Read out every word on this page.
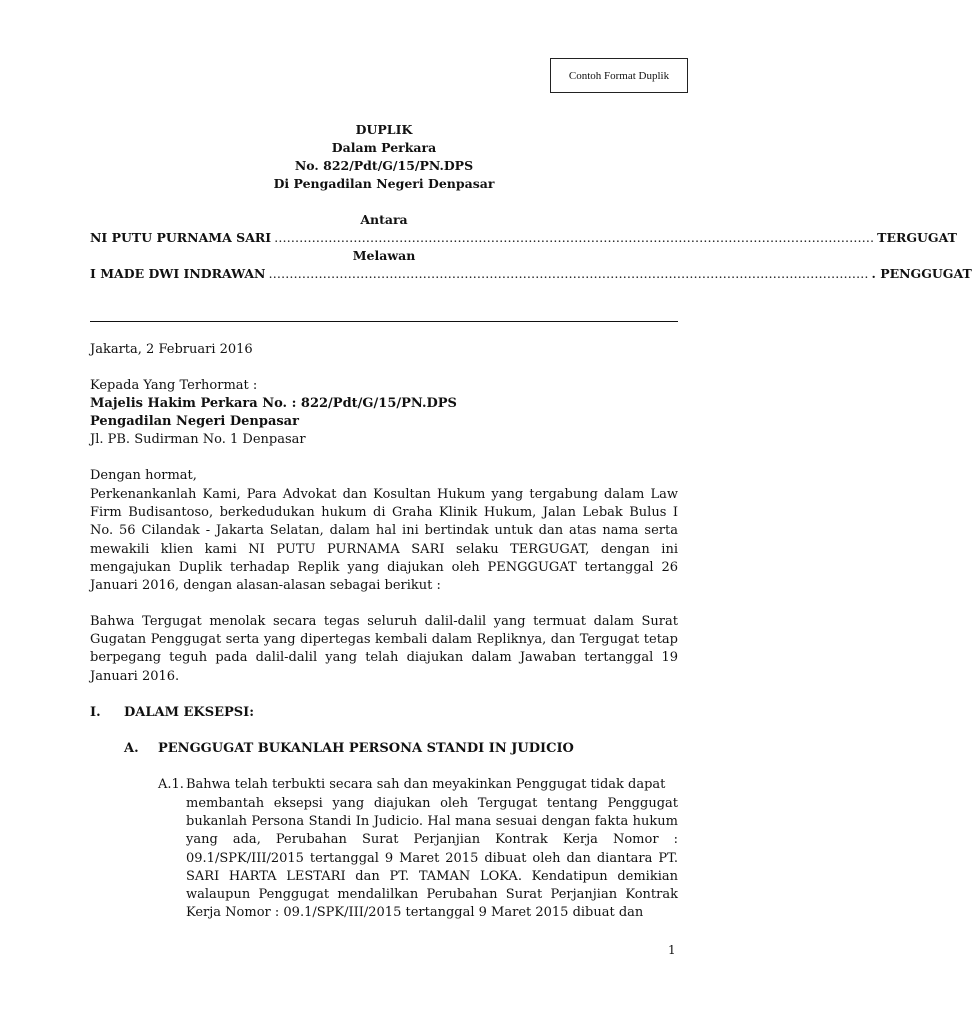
Contoh Format Duplik
DUPLIK
Dalam Perkara
No. 822/Pdt/G/15/PN.DPS
Di Pengadilan Negeri Denpasar
Antara
NI PUTU PURNAMA SARI ……………………………………………………………………………………………………………………………… TERGUGAT
Melawan
I MADE DWI INDRAWAN ……………………………………………………………………………………………………………………………… . PENGGUGAT
Jakarta, 2 Februari 2016
Kepada Yang Terhormat :
Majelis Hakim Perkara No. : 822/Pdt/G/15/PN.DPS
Pengadilan Negeri Denpasar
Jl. PB. Sudirman No. 1 Denpasar
Dengan hormat,
Perkenankanlah Kami, Para Advokat dan Kosultan Hukum yang tergabung dalam Law Firm Budisantoso, berkedudukan hukum di Graha Klinik Hukum, Jalan Lebak Bulus I No. 56 Cilandak - Jakarta Selatan, dalam hal ini bertindak untuk dan atas nama serta mewakili klien kami NI PUTU PURNAMA SARI selaku TERGUGAT, dengan ini mengajukan Duplik terhadap Replik yang diajukan oleh PENGGUGAT tertanggal 26 Januari 2016, dengan alasan-alasan sebagai berikut :
Bahwa Tergugat menolak secara tegas seluruh dalil-dalil yang termuat dalam Surat Gugatan Penggugat serta yang dipertegas kembali dalam Repliknya, dan Tergugat tetap berpegang teguh pada dalil-dalil yang telah diajukan dalam Jawaban tertanggal 19 Januari 2016.
I. DALAM EKSEPSI:
A. PENGGUGAT BUKANLAH PERSONA STANDI IN JUDICIO
A.1. Bahwa telah terbukti secara sah dan meyakinkan Penggugat tidak dapat
membantah eksepsi yang diajukan oleh Tergugat tentang Penggugat bukanlah Persona Standi In Judicio. Hal mana sesuai dengan fakta hukum yang ada, Perubahan Surat Perjanjian Kontrak Kerja Nomor : 09.1/SPK/III/2015 tertanggal 9 Maret 2015 dibuat oleh dan diantara PT. SARI HARTA LESTARI dan PT. TAMAN LOKA. Kendatipun demikian walaupun Penggugat mendalilkan Perubahan Surat Perjanjian Kontrak Kerja Nomor : 09.1/SPK/III/2015 tertanggal 9 Maret 2015 dibuat dan
1
